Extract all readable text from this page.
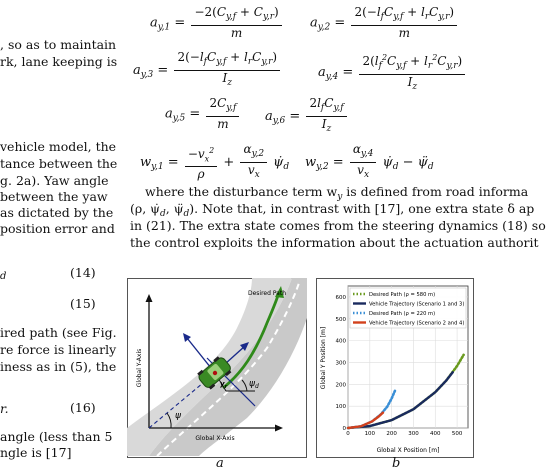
, so as to maintain
rk, lane keeping is
vehicle model, the
tance between the
g. 2a). Yaw angle
between the yaw
as dictated by the
position error and
d	(14)
(15)
ired path (see Fig.
re force is linearly
iness as in (5), the
r.	(16)
angle (less than 5
ngle is [17]
$a_{y,1} = \frac{-2(C_{y,f} + C_{y,r})}{m} a_{y,2} = \frac{2(-l_fC_{y,f} + l_rC_{y,r})}{m}$
$a_{y,3} = \frac{2(-l_fC_{y,f} + l_rC_{y,r})}{I_z}$	$a_{y,4} = \frac{2(l_f^2C_{y,f} + l_r^2C_{y,r})}{I_z}$
$a_{y,5} = \frac{2C_{y,f}}{m} a_{y,6} = \frac{2l_fC_{y,f}}{I_z}$
$w_{y,1} = \frac{-v_x^2}{\rho} + \frac{\alpha_{y,2}}{v_x}$ $\psi̇_d$ $w_{y,2} = \frac{\alpha_{y,4}}{v_x}$ $\psi̇_d$ − $\psï_d$
where the disturbance term $w_y$ is defined from road informa
(ρ, $\psi̇_d$, $\psï_d$). Note that, in contrast with [17], one extra state δ ap
in (21). The extra state comes from the steering dynamics (18) so
the control exploits the information about the actuation authorit
Global Y-Axis
Global X-Axis
Desired Path
ψ
$\psi_d$
$y_r$
a
0	100 200 300 400 500
0
100
200
300
400
500
600
Global Y Position [m]
Global X Position [m]
Desired Path (ρ = 580 m)
Vehicle Trajectory (Scenario 1 and 3)
Desired Path (ρ = 220 m)
Vehicle Trajectory (Scenario 2 and 4)
b
